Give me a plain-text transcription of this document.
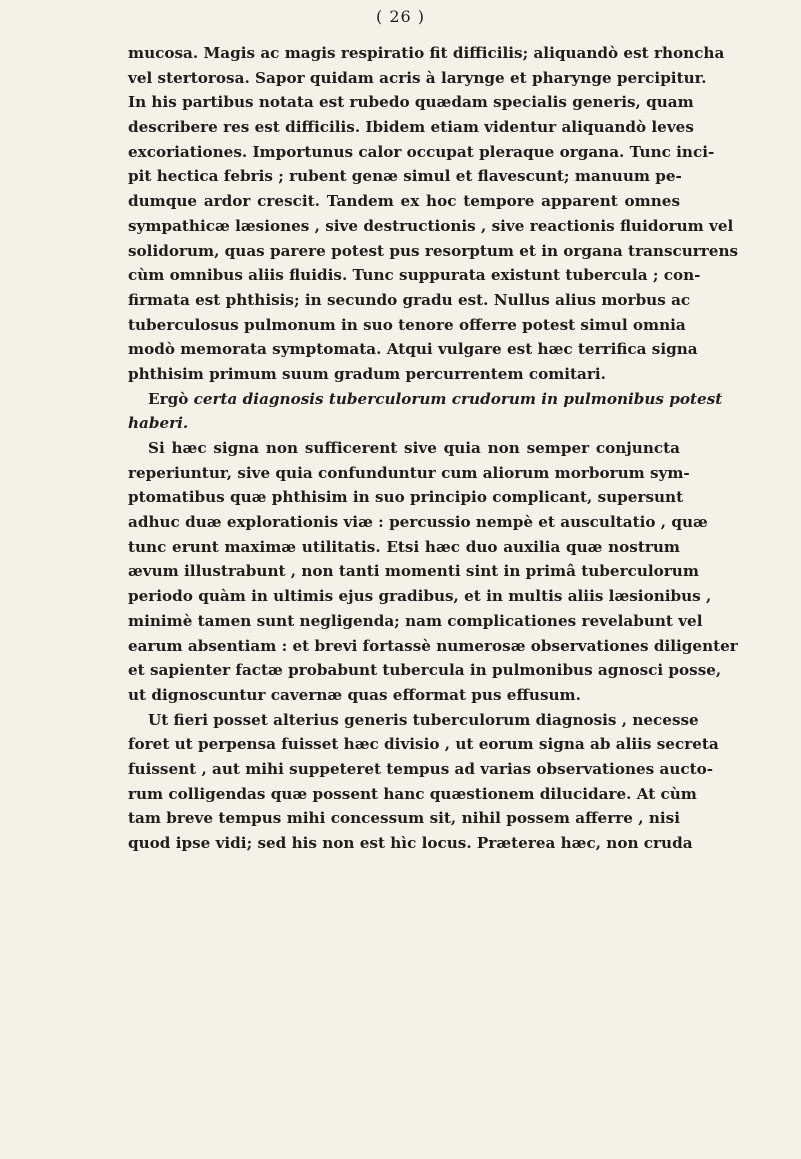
( 26 )
mucosa. Magis ac magis respiratio fit difficilis; aliquandò est rhoncha
vel stertorosa. Sapor quidam acris à larynge et pharynge percipitur.
In his partibus notata est rubedo quædam specialis generis, quam
describere res est difficilis. Ibidem etiam videntur aliquandò leves
excoriationes. Importunus calor occupat pleraque organa. Tunc inci-
pit hectica febris ; rubent genæ simul et flavescunt; manuum pe-
dumque ardor crescit. Tandem ex hoc tempore apparent omnes
sympathicæ læsiones , sive destructionis , sive reactionis fluidorum vel
solidorum, quas parere potest pus resorptum et in organa transcurrens
cùm omnibus aliis fluidis. Tunc suppurata existunt tubercula ; con-
firmata est phthisis; in secundo gradu est. Nullus alius morbus ac
tuberculosus pulmonum in suo tenore offerre potest simul omnia
modò memorata symptomata. Atqui vulgare est hæc terrifica signa
phthisim primum suum gradum percurrentem comitari.
Ergò certa diagnosis tuberculorum crudorum in pulmonibus potest
haberi.
Si hæc signa non sufficerent sive quia non semper conjuncta
reperiuntur, sive quia confunduntur cum aliorum morborum sym-
ptomatibus quæ phthisim in suo principio complicant, supersunt
adhuc duæ explorationis viæ : percussio nempè et auscultatio , quæ
tunc erunt maximæ utilitatis. Etsi hæc duo auxilia quæ nostrum
ævum illustrabunt , non tanti momenti sint in primâ tuberculorum
periodo quàm in ultimis ejus gradibus, et in multis aliis læsionibus ,
minimè tamen sunt negligenda; nam complicationes revelabunt vel
earum absentiam : et brevi fortassè numerosæ observationes diligenter
et sapienter factæ probabunt tubercula in pulmonibus agnosci posse,
ut dignoscuntur cavernæ quas efformat pus effusum.
Ut fieri posset alterius generis tuberculorum diagnosis , necesse
foret ut perpensa fuisset hæc divisio , ut eorum signa ab aliis secreta
fuissent , aut mihi suppeteret tempus ad varias observationes aucto-
rum colligendas quæ possent hanc quæstionem dilucidare. At cùm
tam breve tempus mihi concessum sit, nihil possem afferre , nisi
quod ipse vidi; sed his non est hìc locus. Præterea hæc, non cruda
